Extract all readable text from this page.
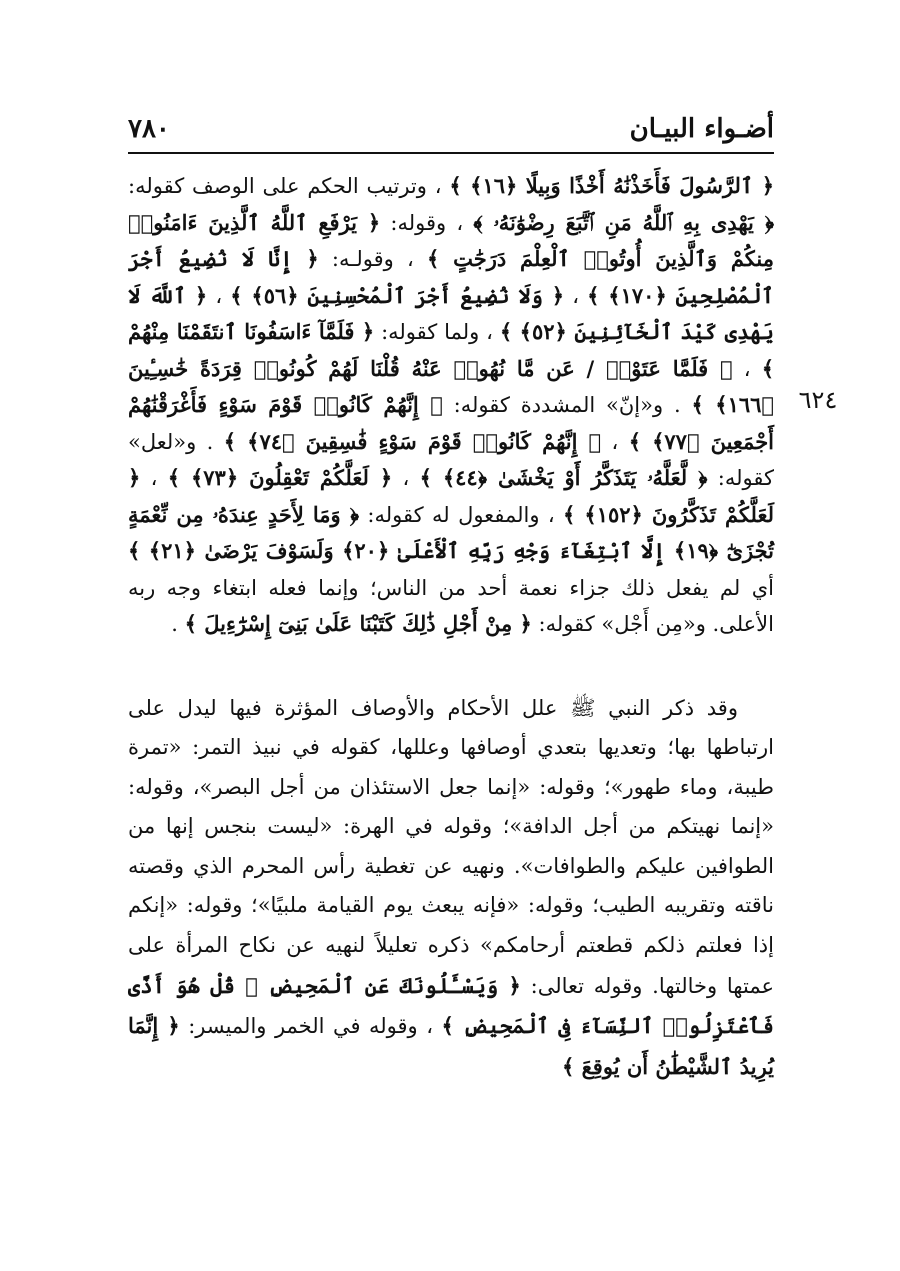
أضـواء البيـان
٧٨٠
٦٢٤

﴿ ٱلرَّسُولَ فَأَخَذْنَٰهُ أَخْذًا وَبِيلًا ﴿١٦﴾ ﴾ ، وترتيب الحكم على الوصف كقوله: ﴿ يَهْدِى بِهِ ٱللَّهُ مَنِ ٱتَّبَعَ رِضْوَٰنَهُۥ ﴾ ، وقوله: ﴿ يَرْفَعِ ٱللَّهُ ٱلَّذِينَ ءَامَنُوا۟ مِنكُمْ وَٱلَّذِينَ أُوتُوا۟ ٱلْعِلْمَ دَرَجَٰتٍ ﴾ ، وقولـه: ﴿ إِنَّا لَا نُضِيعُ أَجْرَ ٱلْمُصْلِحِينَ ﴿١٧٠﴾ ﴾ ، ﴿ وَلَا نُضِيعُ أَجْرَ ٱلْمُحْسِنِينَ ﴿٥٦﴾ ﴾ ، ﴿ ٱللَّهَ لَا يَهْدِى كَيْدَ ٱلْخَآئِنِينَ ﴿٥٢﴾ ﴾ ، ولما كقوله: ﴿ فَلَمَّآ ءَاسَفُونَا ٱنتَقَمْنَا مِنْهُمْ ﴾ ، ﴿ فَلَمَّا عَتَوْا۟ / عَن مَّا نُهُوا۟ عَنْهُ قُلْنَا لَهُمْ كُونُوا۟ قِرَدَةً خَٰسِـِٔينَ ﴿١٦٦﴾ ﴾ . و«إنّ» المشددة كقوله: ﴿ إِنَّهُمْ كَانُوا۟ قَوْمَ سَوْءٍ فَأَغْرَقْنَٰهُمْ أَجْمَعِينَ ﴿٧٧﴾ ﴾ ، ﴿ إِنَّهُمْ كَانُوا۟ قَوْمَ سَوْءٍ فَٰسِقِينَ ﴿٧٤﴾ ﴾ . و«لعل» كقوله: ﴿ لَّعَلَّهُۥ يَتَذَكَّرُ أَوْ يَخْشَىٰ ﴿٤٤﴾ ﴾ ، ﴿ لَعَلَّكُمْ تَعْقِلُونَ ﴿٧٣﴾ ﴾ ، ﴿ لَعَلَّكُمْ تَذَكَّرُونَ ﴿١٥٢﴾ ﴾ ، والمفعول له كقوله: ﴿ وَمَا لِأَحَدٍ عِندَهُۥ مِن نِّعْمَةٍ تُجْزَىٰٓ ﴿١٩﴾ إِلَّا ٱبْتِغَآءَ وَجْهِ رَبِّهِ ٱلْأَعْلَىٰ ﴿٢٠﴾ وَلَسَوْفَ يَرْضَىٰ ﴿٢١﴾ ﴾ أي لم يفعل ذلك جزاء نعمة أحد من الناس؛ وإنما فعله ابتغاء وجه ربه الأعلى. و«مِن أَجْل» كقوله: ﴿ مِنْ أَجْلِ ذَٰلِكَ كَتَبْنَا عَلَىٰ بَنِىٓ إِسْرَٰٓءِيلَ ﴾ .

وقد ذكر النبي ﷺ علل الأحكام والأوصاف المؤثرة فيها ليدل على ارتباطها بها؛ وتعديها بتعدي أوصافها وعللها، كقوله في نبيذ التمر: «تمرة طيبة، وماء طهور»؛ وقوله: «إنما جعل الاستئذان من أجل البصر»، وقوله: «إنما نهيتكم من أجل الدافة»؛ وقوله في الهرة: «ليست بنجس إنها من الطوافين عليكم والطوافات». ونهيه عن تغطية رأس المحرم الذي وقصته ناقته وتقريبه الطيب؛ وقوله: «فإنه يبعث يوم القيامة ملبيًا»؛ وقوله: «إنكم إذا فعلتم ذلكم قطعتم أرحامكم» ذكره تعليلاً لنهيه عن نكاح المرأة على عمتها وخالتها. وقوله تعالى: ﴿ وَيَسْـَٔلُونَكَ عَنِ ٱلْمَحِيضِ ۖ قُلْ هُوَ أَذًى فَٱعْتَزِلُوا۟ ٱلنِّسَآءَ فِى ٱلْمَحِيضِ ﴾ ، وقوله في الخمر والميسر: ﴿ إِنَّمَا يُرِيدُ ٱلشَّيْطَٰنُ أَن يُوقِعَ ﴾
